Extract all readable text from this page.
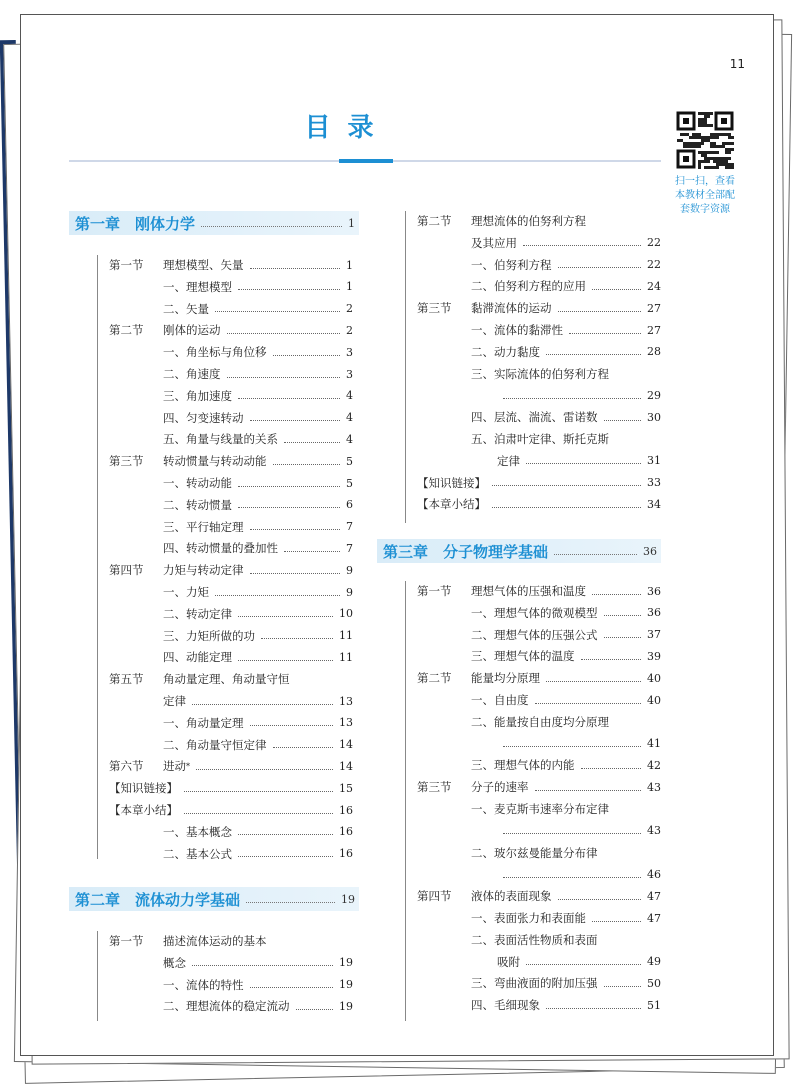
11
目 录
扫一扫，查看本教材全部配套数字资源
第一章　刚体力学	1
第二章　流体动力学基础	19
第一节	理想模型、矢量	1
一、理想模型	1
二、矢量	2
第二节	刚体的运动	2
一、角坐标与角位移	3
二、角速度	3
三、角加速度	4
四、匀变速转动	4
五、角量与线量的关系	4
第三节	转动惯量与转动动能	5
一、转动动能	5
二、转动惯量	6
三、平行轴定理	7
四、转动惯量的叠加性	7
第四节	力矩与转动定律	9
一、力矩	9
二、转动定律	10
三、力矩所做的功	11
四、动能定理	11
第五节	角动量定理、角动量守恒
定律	13
一、角动量定理	13
二、角动量守恒定律	14
第六节	进动 *	14
【知识链接】	15
【本章小结】	16
一、基本概念	16
二、基本公式	16
第一节	描述流体运动的基本
概念	19
一、流体的特性	19
二、理想流体的稳定流动	19
第三章　分子物理学基础	36
第二节	理想流体的伯努利方程
及其应用	22
一、伯努利方程	22
二、伯努利方程的应用	24
第三节	黏滞流体的运动	27
一、流体的黏滞性	27
二、动力黏度	28
三、实际流体的伯努利方程
29
四、层流、湍流、雷诺数	30
五、泊肃叶定律、斯托克斯
定律	31
【知识链接】	33
【本章小结】	34
第一节	理想气体的压强和温度	36
一、理想气体的微观模型	36
二、理想气体的压强公式	37
三、理想气体的温度	39
第二节	能量均分原理	40
一、自由度	40
二、能量按自由度均分原理
41
三、理想气体的内能	42
第三节	分子的速率	43
一、麦克斯韦速率分布定律
43
二、玻尔兹曼能量分布律
46
第四节	液体的表面现象	47
一、表面张力和表面能	47
二、表面活性物质和表面
吸附	49
三、弯曲液面的附加压强	50
四、毛细现象	51
